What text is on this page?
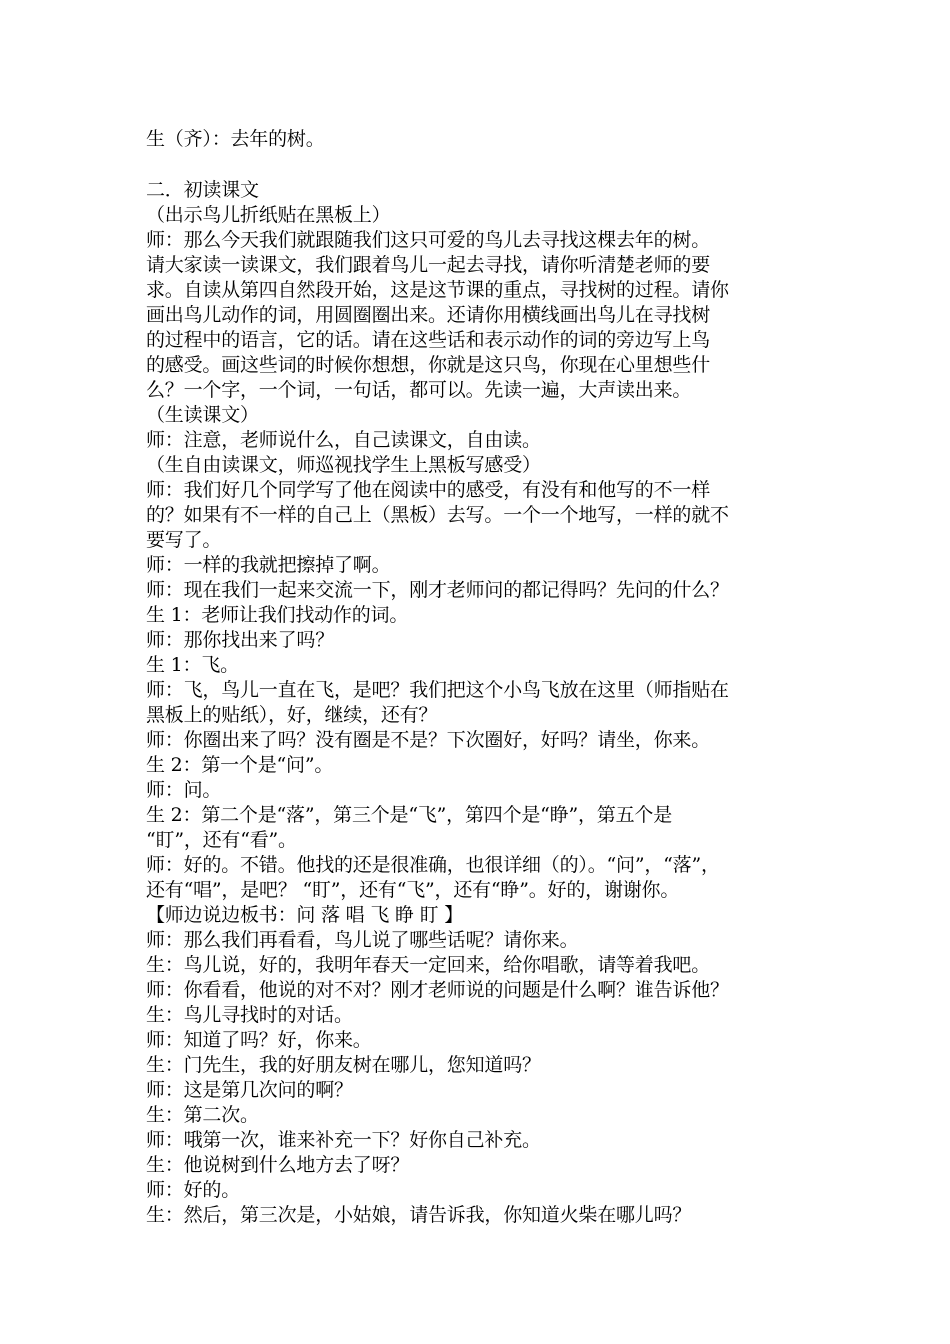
生（齐）：去年的树。
二．初读课文
（出示鸟儿折纸贴在黑板上）
师：那么今天我们就跟随我们这只可爱的鸟儿去寻找这棵去年的树。
请大家读一读课文，我们跟着鸟儿一起去寻找，请你听清楚老师的要
求。自读从第四自然段开始，这是这节课的重点，寻找树的过程。请你
画出鸟儿动作的词，用圆圈圈出来。还请你用横线画出鸟儿在寻找树
的过程中的语言，它的话。请在这些话和表示动作的词的旁边写上鸟
的感受。画这些词的时候你想想，你就是这只鸟，你现在心里想些什
么？一个字，一个词，一句话，都可以。先读一遍，大声读出来。
（生读课文）
师：注意，老师说什么，自己读课文，自由读。
（生自由读课文，师巡视找学生上黑板写感受）
师：我们好几个同学写了他在阅读中的感受，有没有和他写的不一样
的？如果有不一样的自己上（黑板）去写。一个一个地写，一样的就不
要写了。
师：一样的我就把擦掉了啊。
师：现在我们一起来交流一下，刚才老师问的都记得吗？先问的什么？
生 1：老师让我们找动作的词。
师：那你找出来了吗？
生 1：飞。
师：飞，鸟儿一直在飞，是吧？我们把这个小鸟飞放在这里（师指贴在
黑板上的贴纸），好，继续，还有？
师：你圈出来了吗？没有圈是不是？下次圈好，好吗？请坐，你来。
生 2：第一个是“问”。
师：问。
生 2：第二个是“落”，第三个是“飞”，第四个是“睁”，第五个是
“盯”，还有“看”。
师：好的。不错。他找的还是很准确，也很详细（的）。“问”，“落”，
还有“唱”，是吧？ “盯”，还有“飞”，还有“睁”。好的，谢谢你。
【师边说边板书：问 落 唱 飞 睁 盯 】
师：那么我们再看看，鸟儿说了哪些话呢？请你来。
生：鸟儿说，好的，我明年春天一定回来，给你唱歌，请等着我吧。
师：你看看，他说的对不对？刚才老师说的问题是什么啊？谁告诉他？
生：鸟儿寻找时的对话。
师：知道了吗？好，你来。
生：门先生，我的好朋友树在哪儿，您知道吗？
师：这是第几次问的啊？
生：第二次。
师：哦第一次，谁来补充一下？好你自己补充。
生：他说树到什么地方去了呀？
师：好的。
生：然后，第三次是，小姑娘，请告诉我，你知道火柴在哪儿吗？
